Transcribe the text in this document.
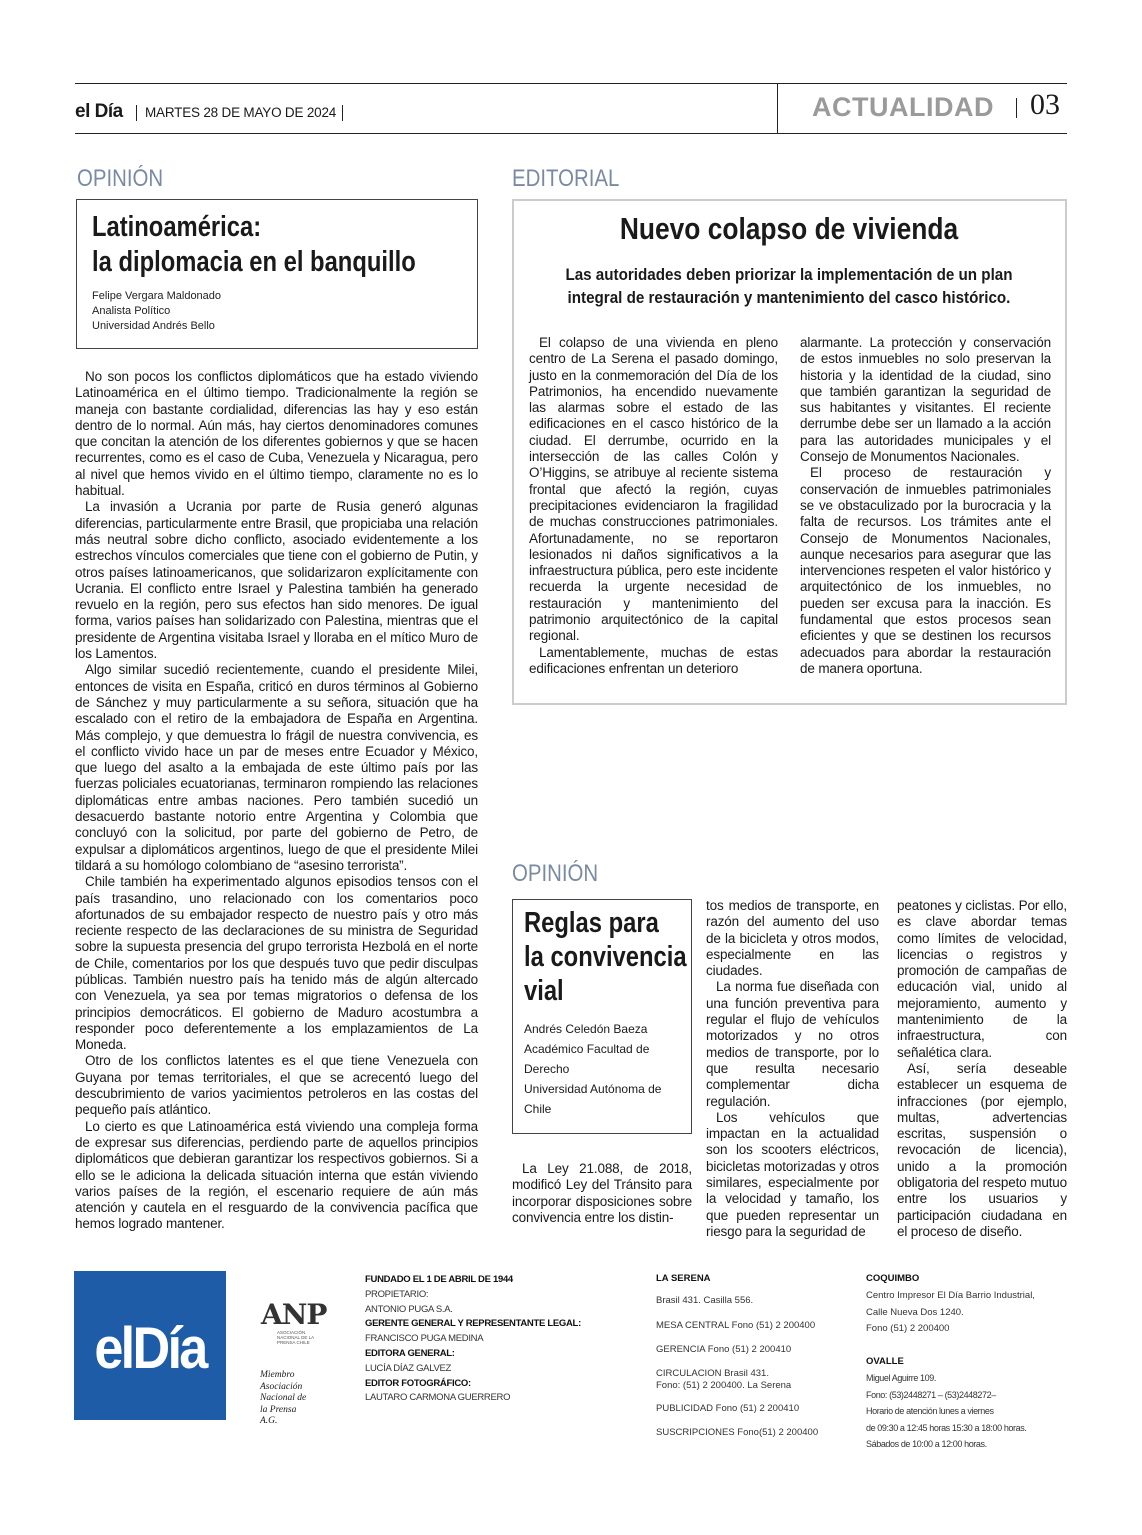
el Día MARTES 28 DE MAYO DE 2024	ACTUALIDAD 03
OPINIÓN
Latinoamérica:
la diplomacia en el banquillo
Felipe Vergara Maldonado
Analista Político
Universidad Andrés Bello

No son pocos los conflictos diplomáticos que ha estado viviendo Latinoamérica en el último tiempo. Tradicionalmente la región se maneja con bastante cordialidad, diferencias las hay y eso están dentro de lo normal. Aún más, hay ciertos denominadores comunes que concitan la atención de los diferentes gobiernos y que se hacen recurrentes, como es el caso de Cuba, Venezuela y Nicaragua, pero al nivel que hemos vivido en el último tiempo, claramente no es lo habitual.

La invasión a Ucrania por parte de Rusia generó algunas diferencias, particularmente entre Brasil, que propiciaba una relación más neutral sobre dicho conflicto, asociado evidentemente a los estrechos vínculos comerciales que tiene con el gobierno de Putin, y otros países latinoamericanos, que solidarizaron explícitamente con Ucrania. El conflicto entre Israel y Palestina también ha generado revuelo en la región, pero sus efectos han sido menores. De igual forma, varios países han solidarizado con Palestina, mientras que el presidente de Argentina visitaba Israel y lloraba en el mítico Muro de los Lamentos.

Algo similar sucedió recientemente, cuando el presidente Milei, entonces de visita en España, criticó en duros términos al Gobierno de Sánchez y muy particularmente a su señora, situación que ha escalado con el retiro de la embajadora de España en Argentina. Más complejo, y que demuestra lo frágil de nuestra convivencia, es el conflicto vivido hace un par de meses entre Ecuador y México, que luego del asalto a la embajada de este último país por las fuerzas policiales ecuatorianas, terminaron rompiendo las relaciones diplomáticas entre ambas naciones. Pero también sucedió un desacuerdo bastante notorio entre Argentina y Colombia que concluyó con la solicitud, por parte del gobierno de Petro, de expulsar a diplomáticos argentinos, luego de que el presidente Milei tildará a su homólogo colombiano de “asesino terrorista”.

Chile también ha experimentado algunos episodios tensos con el país trasandino, uno relacionado con los comentarios poco afortunados de su embajador respecto de nuestro país y otro más reciente respecto de las declaraciones de su ministra de Seguridad sobre la supuesta presencia del grupo terrorista Hezbolá en el norte de Chile, comentarios por los que después tuvo que pedir disculpas públicas. También nuestro país ha tenido más de algún altercado con Venezuela, ya sea por temas migratorios o defensa de los principios democráticos. El gobierno de Maduro acostumbra a responder poco deferentemente a los emplazamientos de La Moneda.

Otro de los conflictos latentes es el que tiene Venezuela con Guyana por temas territoriales, el que se acrecentó luego del descubrimiento de varios yacimientos petroleros en las costas del pequeño país atlántico.

Lo cierto es que Latinoamérica está viviendo una compleja forma de expresar sus diferencias, perdiendo parte de aquellos principios diplomáticos que debieran garantizar los respectivos gobiernos. Si a ello se le adiciona la delicada situación interna que están viviendo varios países de la región, el escenario requiere de aún más atención y cautela en el resguardo de la convivencia pacífica que hemos logrado mantener.

EDITORIAL
Nuevo colapso de vivienda
Las autoridades deben priorizar la implementación de un plan
integral de restauración y mantenimiento del casco histórico.

El colapso de una vivienda en pleno centro de La Serena el pasado domingo, justo en la conmemoración del Día de los Patrimonios, ha encendido nuevamente las alarmas sobre el estado de las edificaciones en el casco histórico de la ciudad. El derrumbe, ocurrido en la intersección de las calles Colón y O’Higgins, se atribuye al reciente sistema frontal que afectó la región, cuyas precipitaciones evidenciaron la fragilidad de muchas construcciones patrimoniales. Afortunadamente, no se reportaron lesionados ni daños significativos a la infraestructura pública, pero este incidente recuerda la urgente necesidad de restauración y mantenimiento del patrimonio arquitectónico de la capital regional.

Lamentablemente, muchas de estas edificaciones enfrentan un deterioro

alarmante. La protección y conservación de estos inmuebles no solo preservan la historia y la identidad de la ciudad, sino que también garantizan la seguridad de sus habitantes y visitantes. El reciente derrumbe debe ser un llamado a la acción para las autoridades municipales y el Consejo de Monumentos Nacionales.

El proceso de restauración y conservación de inmuebles patrimoniales se ve obstaculizado por la burocracia y la falta de recursos. Los trámites ante el Consejo de Monumentos Nacionales, aunque necesarios para asegurar que las intervenciones respeten el valor histórico y arquitectónico de los inmuebles, no pueden ser excusa para la inacción. Es fundamental que estos procesos sean eficientes y que se destinen los recursos adecuados para abordar la restauración de manera oportuna.

OPINIÓN
Reglas para
la convivencia
vial
Andrés Celedón Baeza
Académico Facultad de
Derecho
Universidad Autónoma de
Chile

La Ley 21.088, de 2018, modificó Ley del Tránsito para incorporar disposiciones sobre convivencia entre los distin-

tos medios de transporte, en razón del aumento del uso de la bicicleta y otros modos, especialmente en las ciudades.

La norma fue diseñada con una función preventiva para regular el flujo de vehículos motorizados y no otros medios de transporte, por lo que resulta necesario complementar dicha regulación.

Los vehículos que impactan en la actualidad son los scooters eléctricos, bicicletas motorizadas y otros similares, especialmente por la velocidad y tamaño, los que pueden representar un riesgo para la seguridad de

peatones y ciclistas. Por ello, es clave abordar temas como límites de velocidad, licencias o registros y promoción de campañas de educación vial, unido al mejoramiento, aumento y mantenimiento de la infraestructura, con señalética clara.

Así, sería deseable establecer un esquema de infracciones (por ejemplo, multas, advertencias escritas, suspensión o revocación de licencia), unido a la promoción obligatoria del respeto mutuo entre los usuarios y participación ciudadana en el proceso de diseño.

elDía
ANP
ASOCIACIÓN NACIONAL DE LA PRENSA CHILE
Miembro
Asociación
Nacional de
la Prensa
A.G.
FUNDADO EL 1 DE ABRIL DE 1944
PROPIETARIO:
ANTONIO PUGA S.A.
GERENTE GENERAL Y REPRESENTANTE LEGAL:
FRANCISCO PUGA MEDINA
EDITORA GENERAL:
LUCÍA DÍAZ GALVEZ
EDITOR FOTOGRÁFICO:
LAUTARO CARMONA GUERRERO
LA SERENA
Brasil 431. Casilla 556.
MESA CENTRAL Fono (51) 2 200400
GERENCIA Fono (51) 2 200410
CIRCULACION Brasil 431.
Fono: (51) 2 200400. La Serena
PUBLICIDAD Fono (51) 2 200410
SUSCRIPCIONES Fono(51) 2 200400
COQUIMBO
Centro Impresor El Día Barrio Industrial,
Calle Nueva Dos 1240.
Fono (51) 2 200400
OVALLE
Miguel Aguirre 109.
Fono: (53)2448271 – (53)2448272–
Horario de atención lunes a viernes
de 09:30 a 12:45 horas 15:30 a 18:00 horas.
Sábados de 10:00 a 12:00 horas.
